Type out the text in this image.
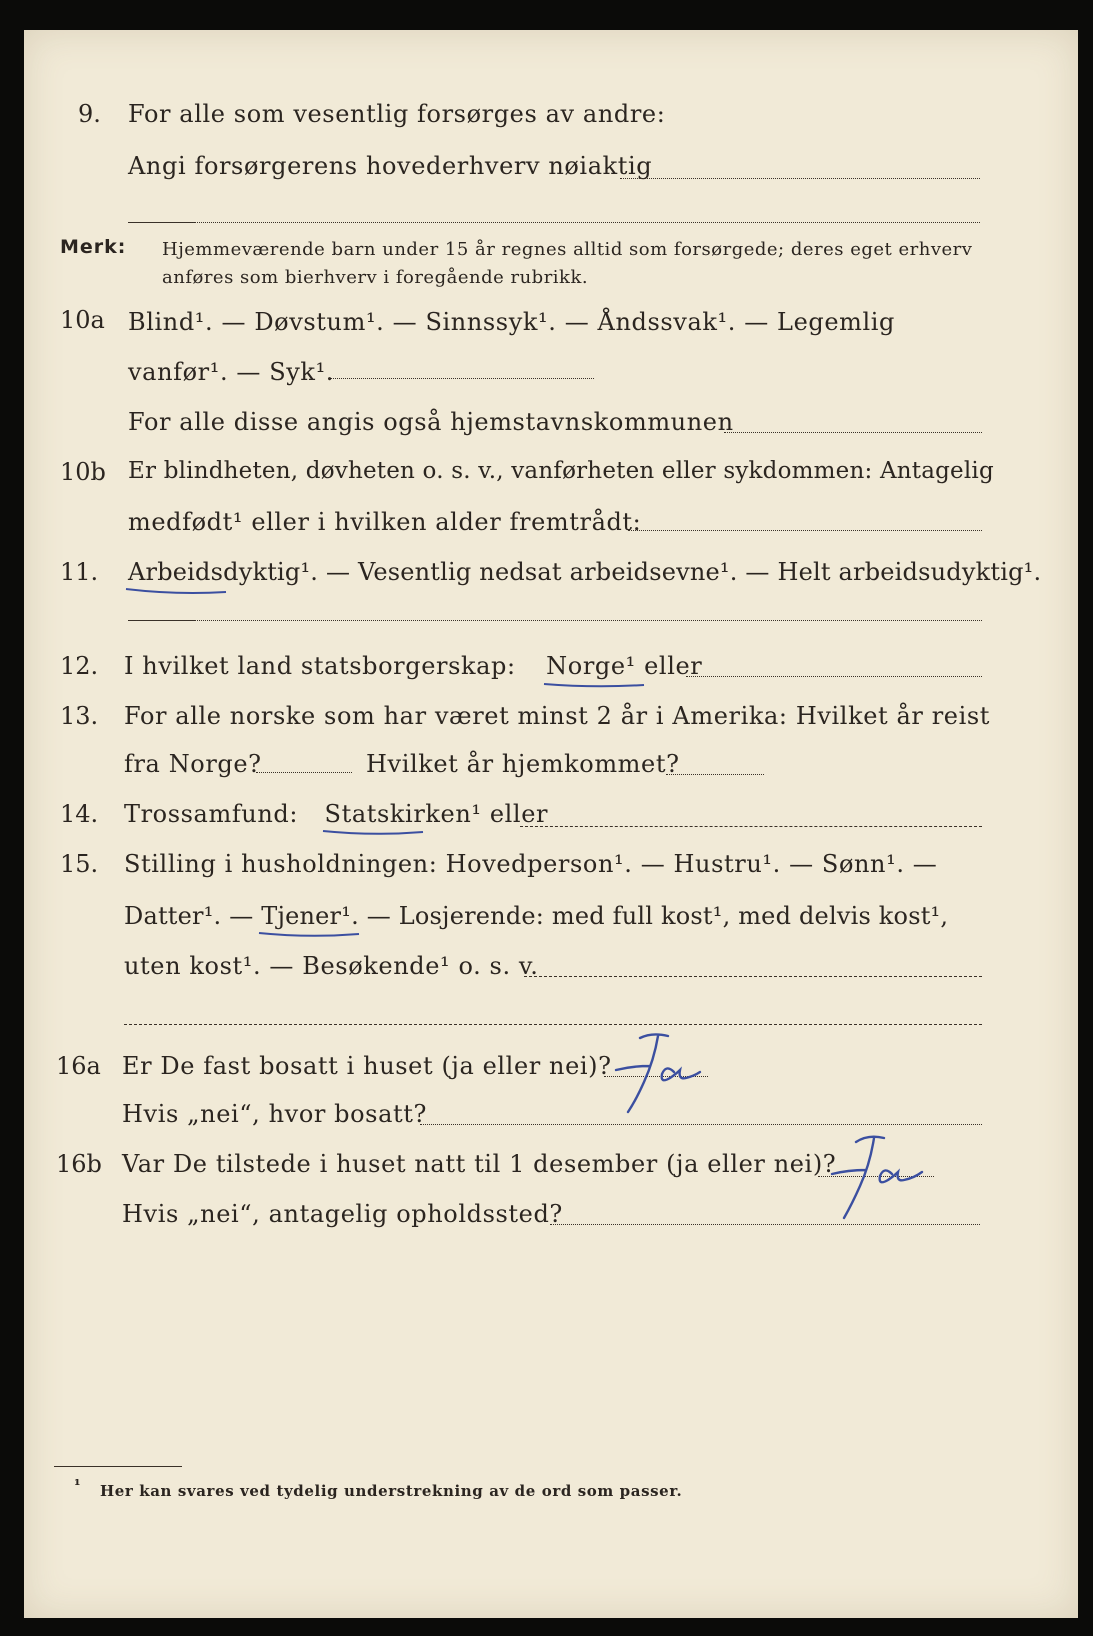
9. For alle som vesentlig forsørges av andre:
Angi forsørgerens hovederhverv nøiaktig
Merk: Hjemmeværende barn under 15 år regnes alltid som forsørgede; deres eget erhverv
anføres som bierhverv i foregående rubrikk.
10a Blind¹. — Døvstum¹. — Sinnssyk¹. — Åndssvak¹. — Legemlig
vanfør¹. — Syk¹.
For alle disse angis også hjemstavnskommunen
10b Er blindheten, døvheten o. s. v., vanførheten eller sykdommen: Antagelig
medfødt¹ eller i hvilken alder fremtrådt:
11. Arbeidsdyktig
¹. — Vesentlig nedsat arbeidsevne¹. — Helt arbeidsudyktig¹.
12. I hvilket land statsborgerskap: Norge
¹ eller
13. For alle norske som har været minst 2 år i Amerika: Hvilket år reist
fra Norge?	Hvilket år hjemkommet?
14. Trossamfund: Statskirken
¹ eller
15. Stilling i husholdningen: Hovedperson¹. — Hustru¹. — Sønn¹. —
Datter¹. — Tjener
¹. — Losjerende: med full kost¹, med delvis kost¹,
uten kost¹. — Besøkende¹ o. s. v.
16a Er De fast bosatt i huset (ja eller nei)?
Hvis „nei“, hvor bosatt?
16b Var De tilstede i huset natt til 1 desember (ja eller nei)?
Hvis „nei“, antagelig opholdssted?
¹ Her kan svares ved tydelig understrekning av de ord som passer.
